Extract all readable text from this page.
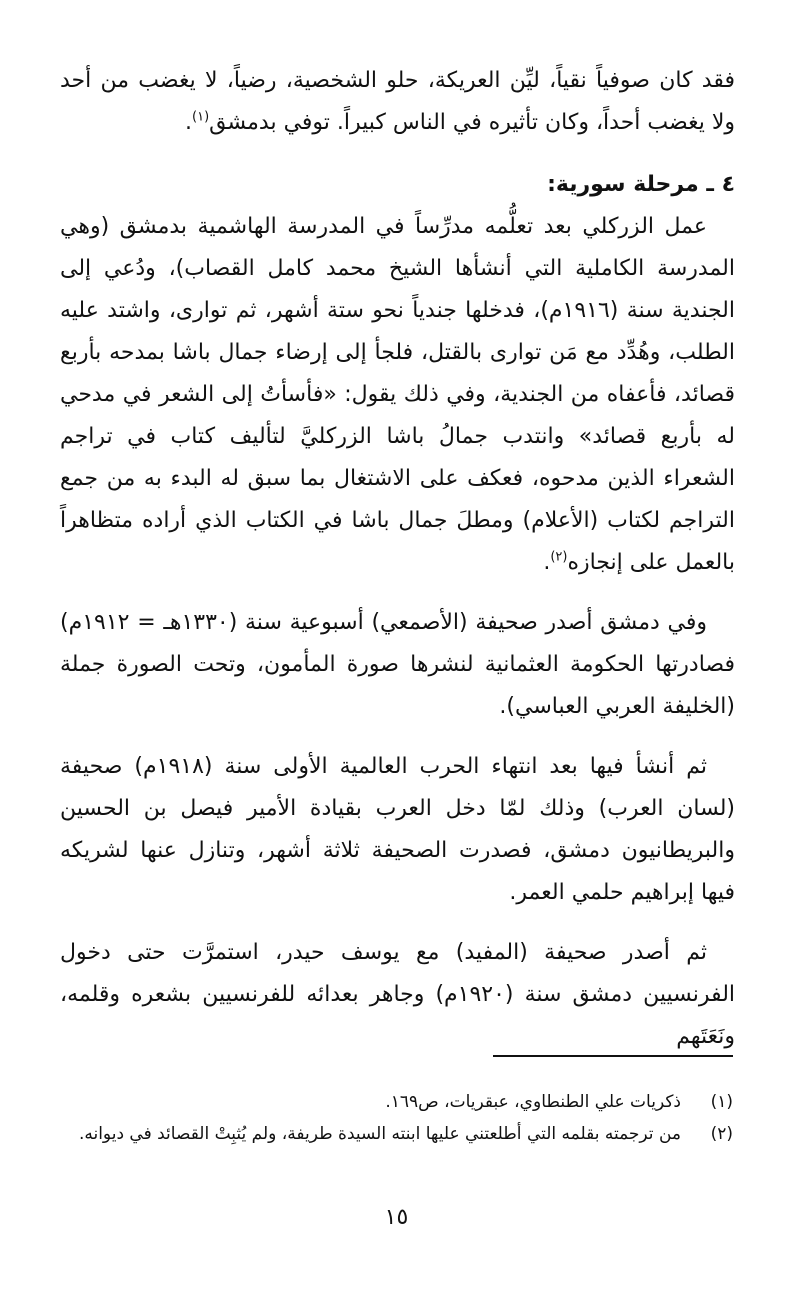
فقد كان صوفياً نقياً، ليِّن العريكة، حلو الشخصية، رضياً، لا يغضب من أحد ولا يغضب أحداً، وكان تأثيره في الناس كبيراً. توفي بدمشق$^{(١)}$.

٤ ـ مرحلة سورية:

عمل الزركلي بعد تعلُّمه مدرِّساً في المدرسة الهاشمية بدمشق (وهي المدرسة الكاملية التي أنشأها الشيخ محمد كامل القصاب)، ودُعي إلى الجندية سنة (١٩١٦م)، فدخلها جندياً نحو ستة أشهر، ثم توارى، واشتد عليه الطلب، وهُدِّد مع مَن توارى بالقتل، فلجأ إلى إرضاء جمال باشا بمدحه بأربع قصائد، فأعفاه من الجندية، وفي ذلك يقول: «فأسأتُ إلى الشعر في مدحي له بأربع قصائد» وانتدب جمالُ باشا الزركليَّ لتأليف كتاب في تراجم الشعراء الذين مدحوه، فعكف على الاشتغال بما سبق له البدء به من جمع التراجم لكتاب (الأعلام) ومطلَ جمال باشا في الكتاب الذي أراده متظاهراً بالعمل على إنجازه$^{(٢)}$.

وفي دمشق أصدر صحيفة (الأصمعي) أسبوعية سنة (١٣٣٠هـ = ١٩١٢م) فصادرتها الحكومة العثمانية لنشرها صورة المأمون، وتحت الصورة جملة (الخليفة العربي العباسي).

ثم أنشأ فيها بعد انتهاء الحرب العالمية الأولى سنة (١٩١٨م) صحيفة (لسان العرب) وذلك لمّا دخل العرب بقيادة الأمير فيصل بن الحسين والبريطانيون دمشق، فصدرت الصحيفة ثلاثة أشهر، وتنازل عنها لشريكه فيها إبراهيم حلمي العمر.

ثم أصدر صحيفة (المفيد) مع يوسف حيدر، استمرَّت حتى دخول الفرنسيين دمشق سنة (١٩٢٠م) وجاهر بعدائه للفرنسيين بشعره وقلمه، ونَعَتَهم

(١)
ذكريات علي الطنطاوي، عبقريات، ص١٦٩.
(٢)
من ترجمته بقلمه التي أطلعتني عليها ابنته السيدة طريفة، ولم يُثبِتْ القصائد في ديوانه.
١٥
